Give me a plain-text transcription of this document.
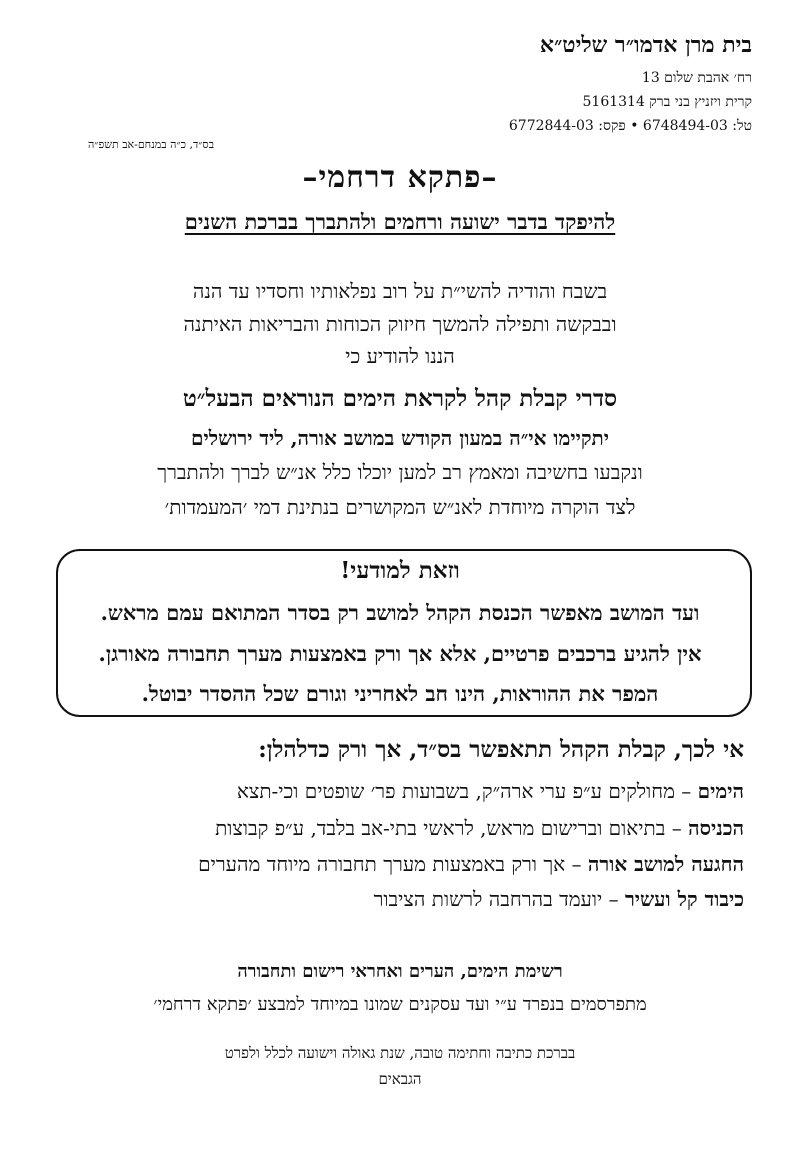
בית מרן אדמו״ר שליט״א
רח׳ אהבת שלום 13
קרית ויזניץ בני ברק 5161314
טל: 6748494-03 • פקס: 6772844-03
בס״ד, כ״ה במנחם-אב תשפ״ה
–פתקא דרחמי–
להיפקד בדבר ישועה ורחמים ולהתברך בברכת השנים
בשבח והודיה להשי״ת על רוב נפלאותיו וחסדיו עד הנה
ובבקשה ותפילה להמשך חיזוק הכוחות והבריאות האיתנה
הננו להודיע כי
סדרי קבלת קהל לקראת הימים הנוראים הבעל״ט
יתקיימו אי״ה במעון הקודש במושב אורה, ליד ירושלים
ונקבעו בחשיבה ומאמץ רב למען יוכלו כלל אנ״ש לברך ולהתברך
לצד הוקרה מיוחדת לאנ״ש המקושרים בנתינת דמי ׳המעמדות׳
וזאת למודעי!
ועד המושב מאפשר הכנסת הקהל למושב רק בסדר המתואם עמם מראש.
אין להגיע ברכבים פרטיים, אלא אך ורק באמצעות מערך תחבורה מאורגן.
המפר את ההוראות, הינו חב לאחריני וגורם שכל ההסדר יבוטל.
אי לכך, קבלת הקהל תתאפשר בס״ד, אך ורק כדלהלן:
הימים – מחולקים ע״פ ערי ארה״ק, בשבועות פר׳ שופטים וכי-תצא
הכניסה – בתיאום וברישום מראש, לראשי בתי-אב בלבד, ע״פ קבוצות
החגעה למושב אורה – אך ורק באמצעות מערך תחבורה מיוחד מהערים
כיבוד קל ועשיר – יועמד בהרחבה לרשות הציבור
רשימת הימים, הערים ואחראי רישום ותחבורה
מתפרסמים בנפרד ע״י ועד עסקנים שמונו במיוחד למבצע ׳פתקא דרחמי׳
בברכת כתיבה וחתימה טובה, שנת גאולה וישועה לכלל ולפרט
הגבאים
